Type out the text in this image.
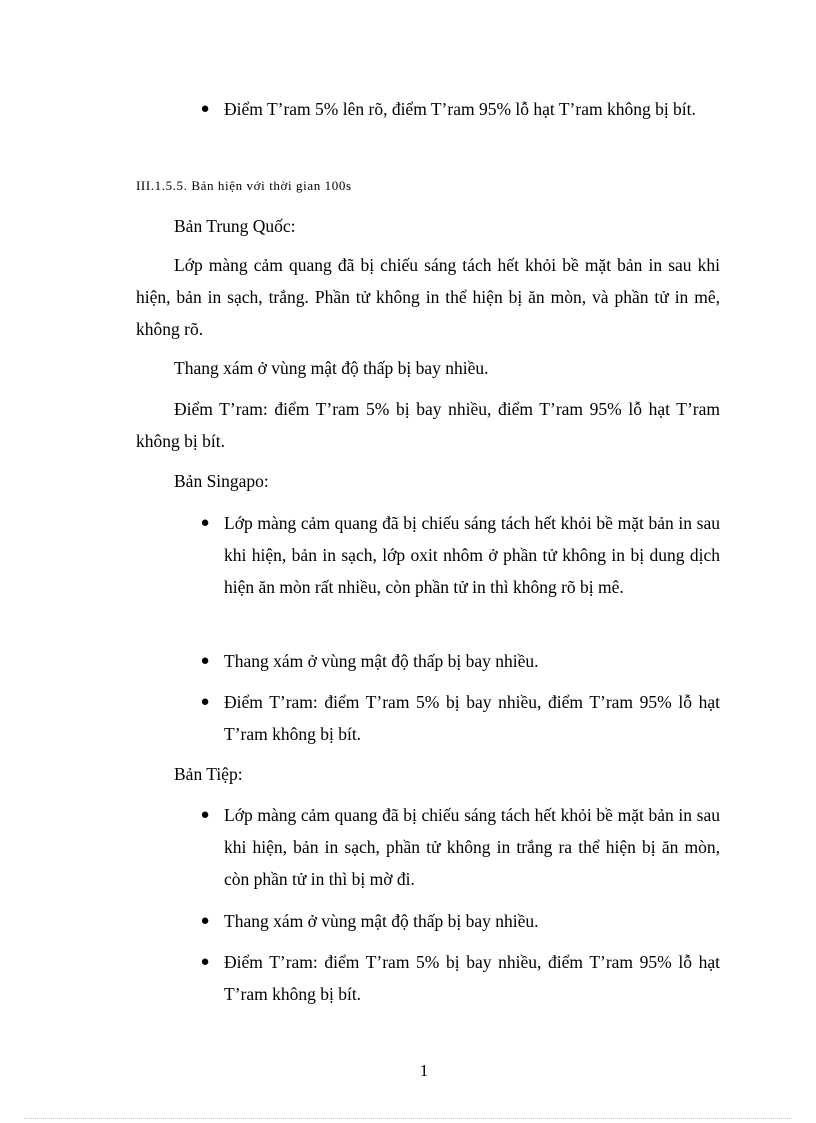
● Điểm T’ram 5% lên rõ, điểm T’ram 95% lỗ hạt T’ram không bị bít.

III.1.5.5. Bản hiện với thời gian 100s

Bản Trung Quốc:

Lớp màng cảm quang đã bị chiếu sáng tách hết khỏi bề mặt bản in sau khi hiện, bản in sạch, trắng. Phần tử không in thể hiện bị ăn mòn, và phần tử in mê, không rõ.

Thang xám ở vùng mật độ thấp bị bay nhiều.

Điểm T’ram: điểm T’ram 5% bị bay nhiều, điểm T’ram 95% lỗ hạt T’ram không bị bít.

Bản Singapo:

● Lớp màng cảm quang đã bị chiếu sáng tách hết khỏi bề mặt bản in sau khi hiện, bản in sạch, lớp oxit nhôm ở phần tử không in bị dung dịch hiện ăn mòn rất nhiều, còn phần tử in thì không rõ bị mê.
● Thang xám ở vùng mật độ thấp bị bay nhiều.
● Điểm T’ram: điểm T’ram 5% bị bay nhiều, điểm T’ram 95% lỗ hạt T’ram không bị bít.

Bản Tiệp:

● Lớp màng cảm quang đã bị chiếu sáng tách hết khỏi bề mặt bản in sau khi hiện, bản in sạch, phần tử không in trắng ra thể hiện bị ăn mòn, còn phần tử in thì bị mờ đi.
● Thang xám ở vùng mật độ thấp bị bay nhiều.
● Điểm T’ram: điểm T’ram 5% bị bay nhiều, điểm T’ram 95% lỗ hạt T’ram không bị bít.

1
